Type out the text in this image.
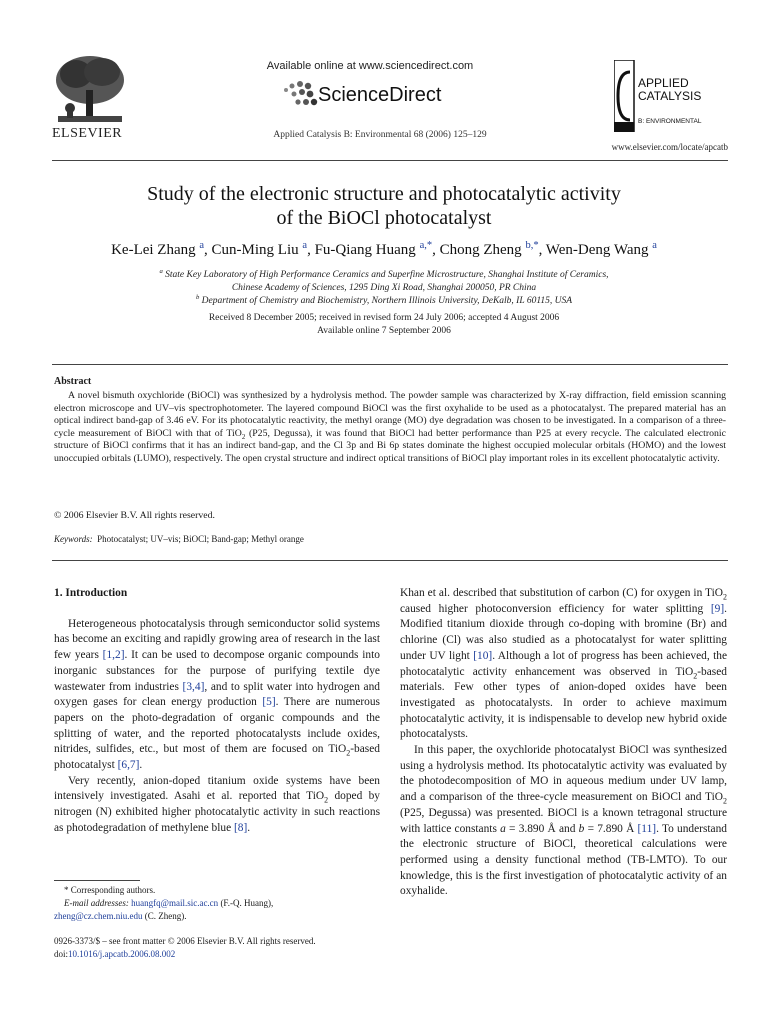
ELSEVIER
Available online at www.sciencedirect.com
ScienceDirect
Applied Catalysis B: Environmental 68 (2006) 125–129
APPLIED
CATALYSIS
B: ENVIRONMENTAL
www.elsevier.com/locate/apcatb
Study of the electronic structure and photocatalytic activity
of the BiOCl photocatalyst
Ke-Lei Zhang $^a$, Cun-Ming Liu $^a$, Fu-Qiang Huang $^{a,*}$, Chong Zheng $^{b,*}$, Wen-Deng Wang $^a$
$^a$ State Key Laboratory of High Performance Ceramics and Superfine Microstructure, Shanghai Institute of Ceramics,
Chinese Academy of Sciences, 1295 Ding Xi Road, Shanghai 200050, PR China
$^b$ Department of Chemistry and Biochemistry, Northern Illinois University, DeKalb, IL 60115, USA
Received 8 December 2005; received in revised form 24 July 2006; accepted 4 August 2006
Available online 7 September 2006
Abstract
A novel bismuth oxychloride (BiOCl) was synthesized by a hydrolysis method. The powder sample was characterized by X-ray diffraction, field emission scanning electron microscope and UV–vis spectrophotometer. The layered compound BiOCl was the first oxyhalide to be used as a photocatalyst. The prepared material has an optical indirect band-gap of 3.46 eV. For its photocatalytic reactivity, the methyl orange (MO) dye degradation was chosen to be investigated. In a comparison of a three-cycle measurement of BiOCl with that of TiO$_2$ (P25, Degussa), it was found that BiOCl had better performance than P25 at every recycle. The calculated electronic structure of BiOCl confirms that it has an indirect band-gap, and the Cl 3p and Bi 6p states dominate the highest occupied molecular orbitals (HOMO) and the lowest unoccupied orbitals (LUMO), respectively. The open crystal structure and indirect optical transitions of BiOCl play important roles in its excellent photocatalytic activity.
© 2006 Elsevier B.V. All rights reserved.
Keywords: Photocatalyst; UV–vis; BiOCl; Band-gap; Methyl orange

1. Introduction

Heterogeneous photocatalysis through semiconductor solid systems has become an exciting and rapidly growing area of research in the last few years [1,2]. It can be used to decompose organic compounds into inorganic substances for the purpose of purifying textile dye wastewater from industries [3,4], and to split water into hydrogen and oxygen gases for clean energy production [5]. There are numerous papers on the photo-degradation of organic compounds and the splitting of water, and the reported photocatalysts include oxides, nitrides, sulfides, etc., but most of them are focused on TiO$_2$-based photocatalyst [6,7].

Very recently, anion-doped titanium oxide systems have been intensively investigated. Asahi et al. reported that TiO$_2$ doped by nitrogen (N) exhibited higher photocatalytic activity in such reactions as photodegradation of methylene blue [8].

* Corresponding authors.
E-mail addresses: huangfq@mail.sic.ac.cn (F.-Q. Huang),
zheng@cz.chem.niu.edu (C. Zheng).
0926-3373/$ – see front matter © 2006 Elsevier B.V. All rights reserved.
doi:10.1016/j.apcatb.2006.08.002

Khan et al. described that substitution of carbon (C) for oxygen in TiO$_2$ caused higher photoconversion efficiency for water splitting [9]. Modified titanium dioxide through co-doping with bromine (Br) and chlorine (Cl) was also studied as a photocatalyst for water splitting under UV light [10]. Although a lot of progress has been achieved, the photocatalytic activity enhancement was observed in TiO$_2$-based materials. Few other types of anion-doped oxides have been investigated as photocatalysts. In order to achieve maximum photocatalytic activity, it is indispensable to develop new hybrid oxide photocatalysts.

In this paper, the oxychloride photocatalyst BiOCl was synthesized using a hydrolysis method. Its photocatalytic activity was evaluated by the photodecomposition of MO in aqueous medium under UV lamp, and a comparison of the three-cycle measurement on BiOCl and TiO$_2$ (P25, Degussa) was presented. BiOCl is a known tetragonal structure with lattice constants a = 3.890 Å and b = 7.890 Å [11]. To understand the electronic structure of BiOCl, theoretical calculations were performed using a density functional method (TB-LMTO). To our knowledge, this is the first investigation of photocatalytic activity of an oxyhalide.
